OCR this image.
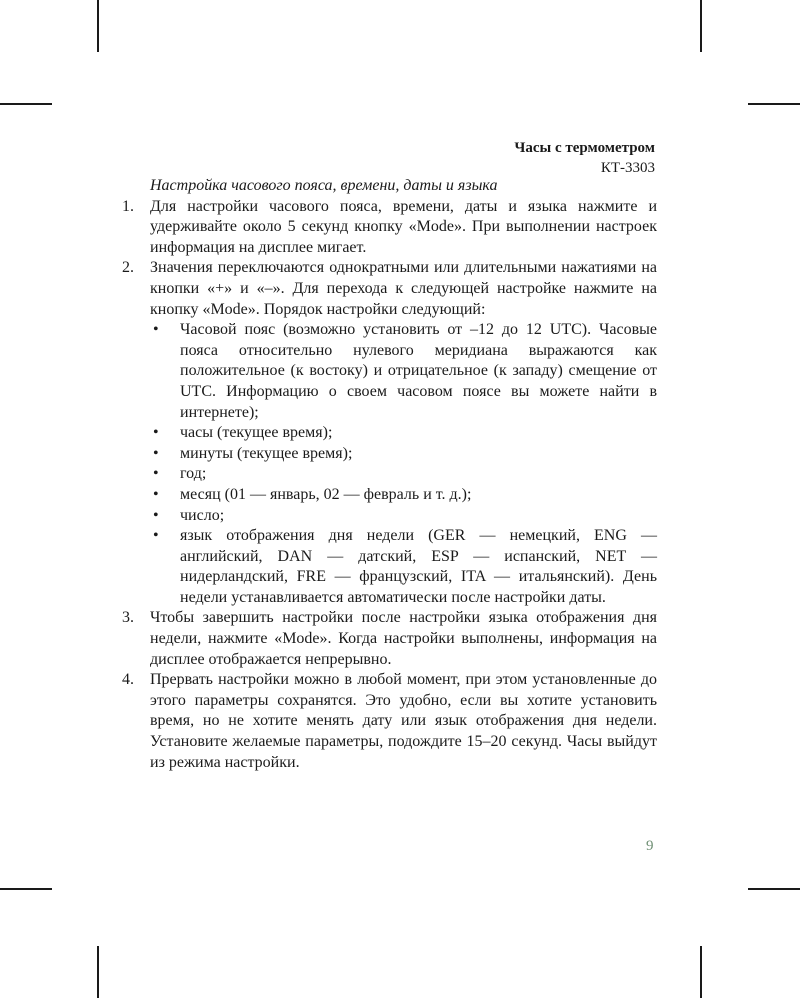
Часы с термометром
КТ-3303
Настройка часового пояса, времени, даты и языка
1. Для настройки часового пояса, времени, даты и языка нажмите и удерживайте около 5 секунд кнопку «Mode». При выполнении настроек информация на дисплее мигает.
2. Значения переключаются однократными или длительными нажатиями на кнопки «+» и «–». Для перехода к следующей настройке нажмите на кнопку «Mode». Порядок настройки следующий:
• Часовой пояс (возможно установить от –12 до 12 UTC). Часовые пояса относительно нулевого меридиана выражаются как положительное (к востоку) и отрицательное (к западу) смещение от UTC. Информацию о своем часовом поясе вы можете найти в интернете);
• часы (текущее время);
• минуты (текущее время);
• год;
• месяц (01 — январь, 02 — февраль и т. д.);
• число;
• язык отображения дня недели (GER — немецкий, ENG — английский, DAN — датский, ESP — испанский, NET — нидерландский, FRE — французский, ITA — итальянский). День недели устанавливается автоматически после настройки даты.
3. Чтобы завершить настройки после настройки языка отображения дня недели, нажмите «Mode». Когда настройки выполнены, информация на дисплее отображается непрерывно.
4. Прервать настройки можно в любой момент, при этом установленные до этого параметры сохранятся. Это удобно, если вы хотите установить время, но не хотите менять дату или язык отображения дня недели. Установите желаемые параметры, подождите 15–20 секунд. Часы выйдут из режима настройки.
9
